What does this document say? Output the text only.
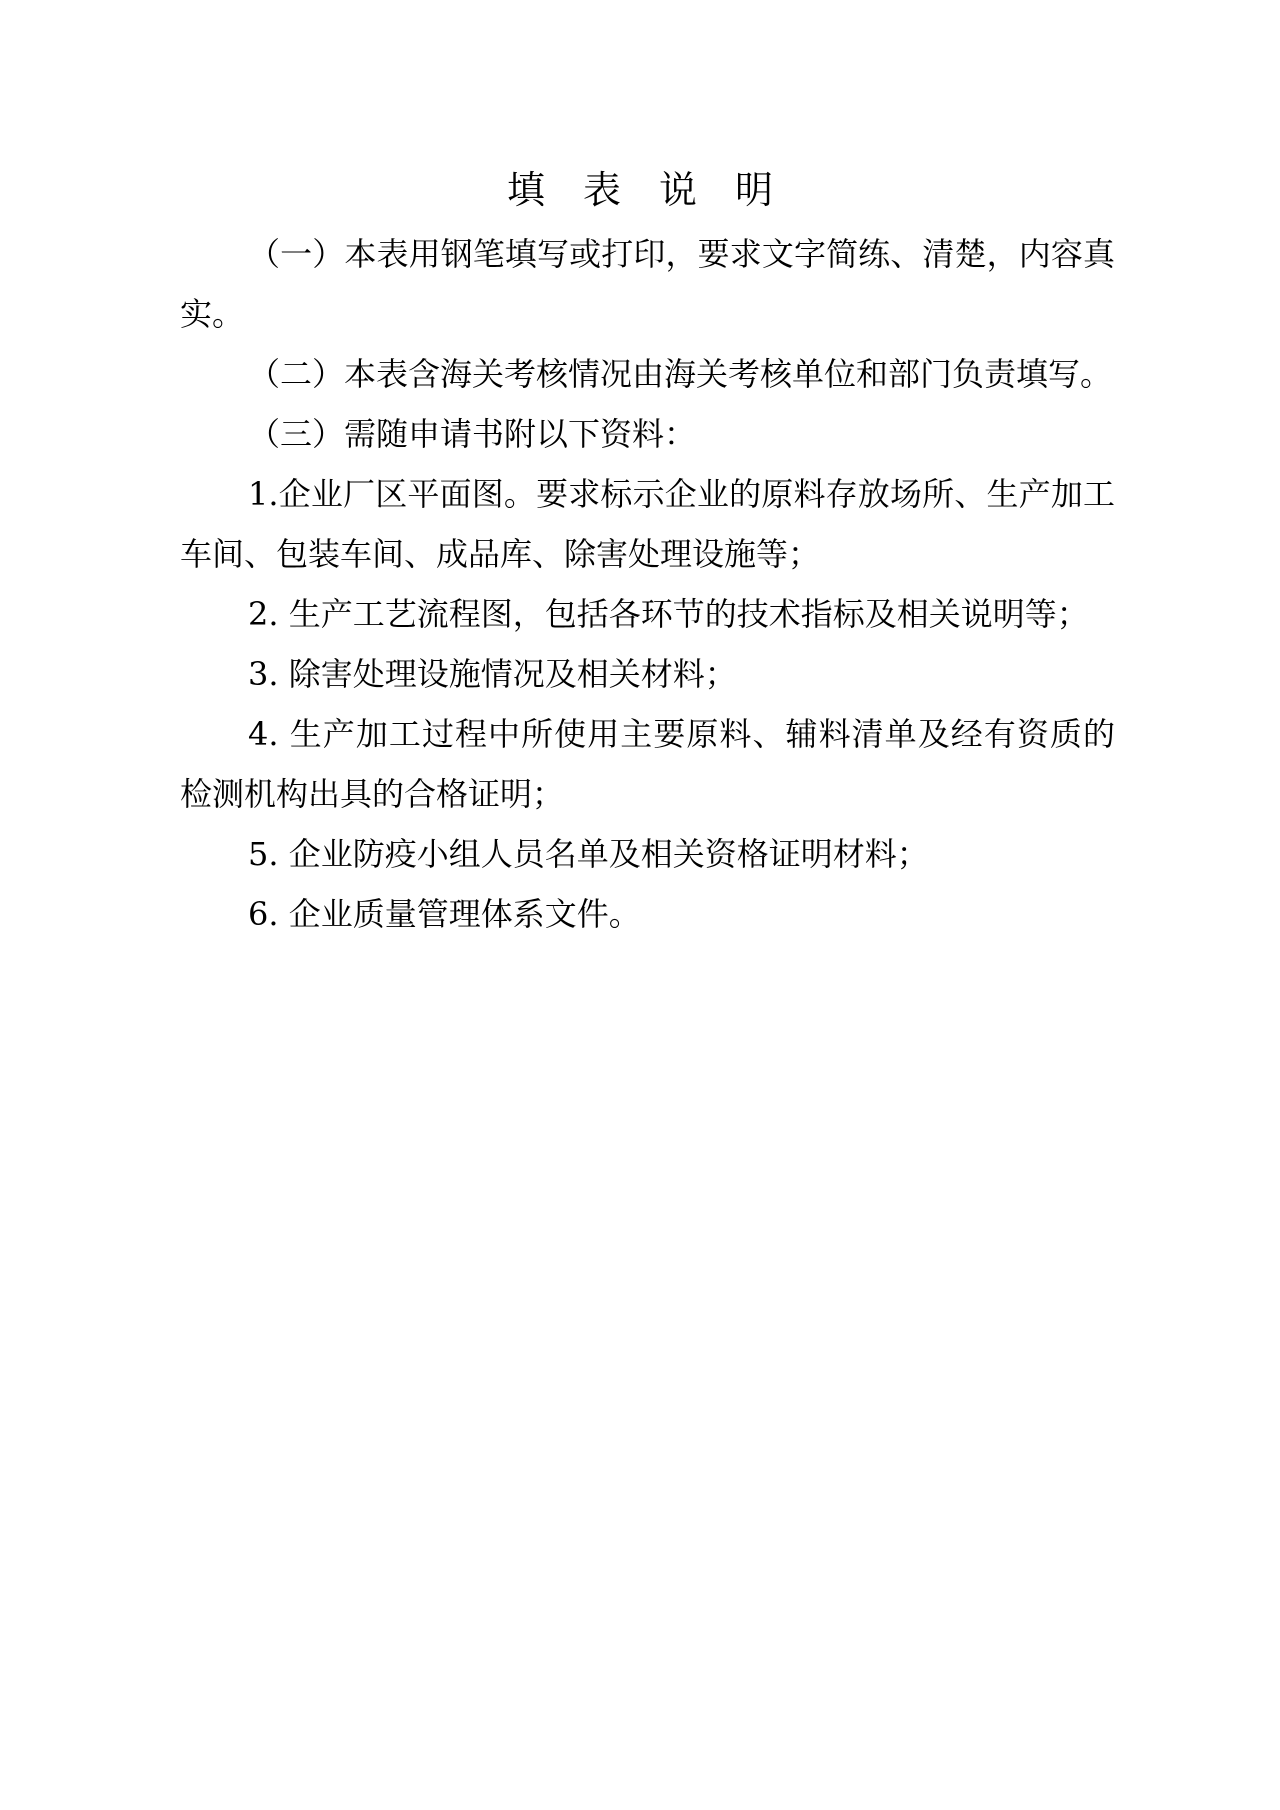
填 表 说 明

（一）本表用钢笔填写或打印，要求文字简练、清楚，内容真实。

（二）本表含海关考核情况由海关考核单位和部门负责填写。

（三）需随申请书附以下资料：

1.企业厂区平面图。要求标示企业的原料存放场所、生产加工车间、包装车间、成品库、除害处理设施等；

2. 生产工艺流程图，包括各环节的技术指标及相关说明等；

3. 除害处理设施情况及相关材料；

4. 生产加工过程中所使用主要原料、辅料清单及经有资质的检测机构出具的合格证明；

5. 企业防疫小组人员名单及相关资格证明材料；

6. 企业质量管理体系文件。
